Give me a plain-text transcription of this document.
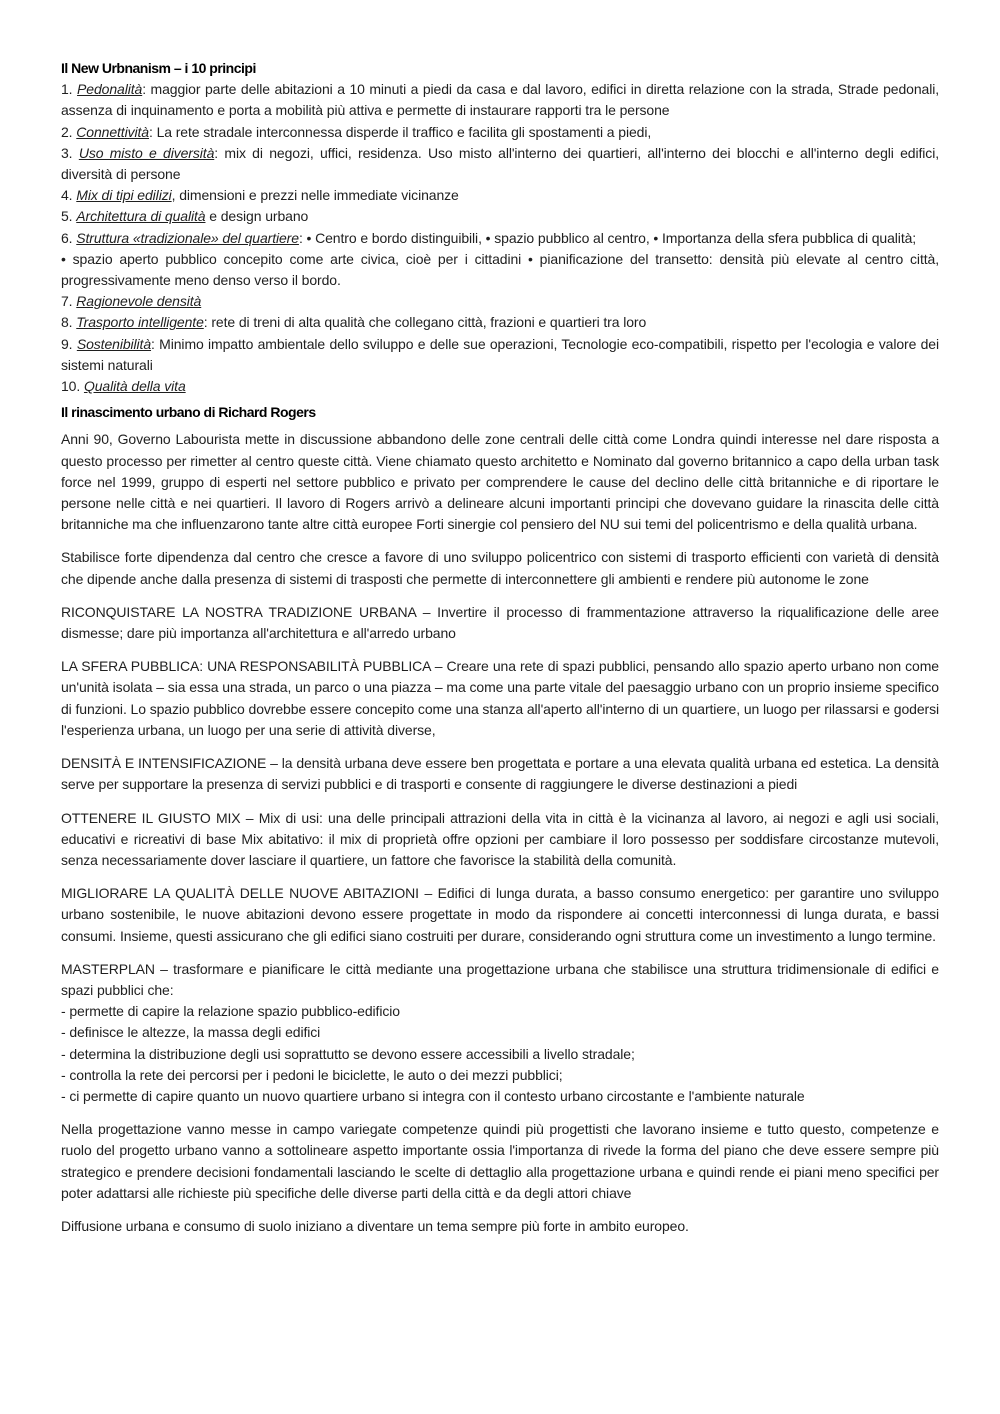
Il New Urbnanism – i 10 principi
1. Pedonalità: maggior parte delle abitazioni a 10 minuti a piedi da casa e dal lavoro, edifici in diretta relazione con la strada, Strade pedonali, assenza di inquinamento e porta a mobilità più attiva e permette di instaurare rapporti tra le persone
2. Connettività: La rete stradale interconnessa disperde il traffico e facilita gli spostamenti a piedi,
3. Uso misto e diversità: mix di negozi, uffici, residenza. Uso misto all'interno dei quartieri, all'interno dei blocchi e all'interno degli edifici, diversità di persone
4. Mix di tipi edilizi, dimensioni e prezzi nelle immediate vicinanze
5. Architettura di qualità e design urbano
6. Struttura «tradizionale» del quartiere: • Centro e bordo distinguibili, • spazio pubblico al centro, • Importanza della sfera pubblica di qualità;
• spazio aperto pubblico concepito come arte civica, cioè per i cittadini • pianificazione del transetto: densità più elevate al centro città, progressivamente meno denso verso il bordo.
7. Ragionevole densità
8. Trasporto intelligente: rete di treni di alta qualità che collegano città, frazioni e quartieri tra loro
9. Sostenibilità: Minimo impatto ambientale dello sviluppo e delle sue operazioni, Tecnologie eco-compatibili, rispetto per l'ecologia e valore dei sistemi naturali
10. Qualità della vita
Il rinascimento urbano di Richard Rogers

Anni 90, Governo Labourista mette in discussione abbandono delle zone centrali delle città come Londra quindi interesse nel dare risposta a questo processo per rimetter al centro queste città. Viene chiamato questo architetto e Nominato dal governo britannico a capo della urban task force nel 1999, gruppo di esperti nel settore pubblico e privato per comprendere le cause del declino delle città britanniche e di riportare le persone nelle città e nei quartieri. Il lavoro di Rogers arrivò a delineare alcuni importanti principi che dovevano guidare la rinascita delle città britanniche ma che influenzarono tante altre città europee Forti sinergie col pensiero del NU sui temi del policentrismo e della qualità urbana.

Stabilisce forte dipendenza dal centro che cresce a favore di uno sviluppo policentrico con sistemi di trasporto efficienti con varietà di densità che dipende anche dalla presenza di sistemi di trasposti che permette di interconnettere gli ambienti e rendere più autonome le zone

RICONQUISTARE LA NOSTRA TRADIZIONE URBANA – Invertire il processo di frammentazione attraverso la riqualificazione delle aree dismesse; dare più importanza all'architettura e all'arredo urbano

LA SFERA PUBBLICA: UNA RESPONSABILITÀ PUBBLICA – Creare una rete di spazi pubblici, pensando allo spazio aperto urbano non come un'unità isolata – sia essa una strada, un parco o una piazza – ma come una parte vitale del paesaggio urbano con un proprio insieme specifico di funzioni. Lo spazio pubblico dovrebbe essere concepito come una stanza all'aperto all'interno di un quartiere, un luogo per rilassarsi e godersi l'esperienza urbana, un luogo per una serie di attività diverse,

DENSITÀ E INTENSIFICAZIONE – la densità urbana deve essere ben progettata e portare a una elevata qualità urbana ed estetica. La densità serve per supportare la presenza di servizi pubblici e di trasporti e consente di raggiungere le diverse destinazioni a piedi

OTTENERE IL GIUSTO MIX – Mix di usi: una delle principali attrazioni della vita in città è la vicinanza al lavoro, ai negozi e agli usi sociali, educativi e ricreativi di base Mix abitativo: il mix di proprietà offre opzioni per cambiare il loro possesso per soddisfare circostanze mutevoli, senza necessariamente dover lasciare il quartiere, un fattore che favorisce la stabilità della comunità.

MIGLIORARE LA QUALITÀ DELLE NUOVE ABITAZIONI – Edifici di lunga durata, a basso consumo energetico: per garantire uno sviluppo urbano sostenibile, le nuove abitazioni devono essere progettate in modo da rispondere ai concetti interconnessi di lunga durata, e bassi consumi. Insieme, questi assicurano che gli edifici siano costruiti per durare, considerando ogni struttura come un investimento a lungo termine.

MASTERPLAN – trasformare e pianificare le città mediante una progettazione urbana che stabilisce una struttura tridimensionale di edifici e spazi pubblici che:
- permette di capire la relazione spazio pubblico-edificio
- definisce le altezze, la massa degli edifici
- determina la distribuzione degli usi soprattutto se devono essere accessibili a livello stradale;
- controlla la rete dei percorsi per i pedoni le biciclette, le auto o dei mezzi pubblici;
- ci permette di capire quanto un nuovo quartiere urbano si integra con il contesto urbano circostante e l'ambiente naturale

Nella progettazione vanno messe in campo variegate competenze quindi più progettisti che lavorano insieme e tutto questo, competenze e ruolo del progetto urbano vanno a sottolineare aspetto importante ossia l'importanza di rivede la forma del piano che deve essere sempre più strategico e prendere decisioni fondamentali lasciando le scelte di dettaglio alla progettazione urbana e quindi rende ei piani meno specifici per poter adattarsi alle richieste più specifiche delle diverse parti della città e da degli attori chiave

Diffusione urbana e consumo di suolo iniziano a diventare un tema sempre più forte in ambito europeo.
